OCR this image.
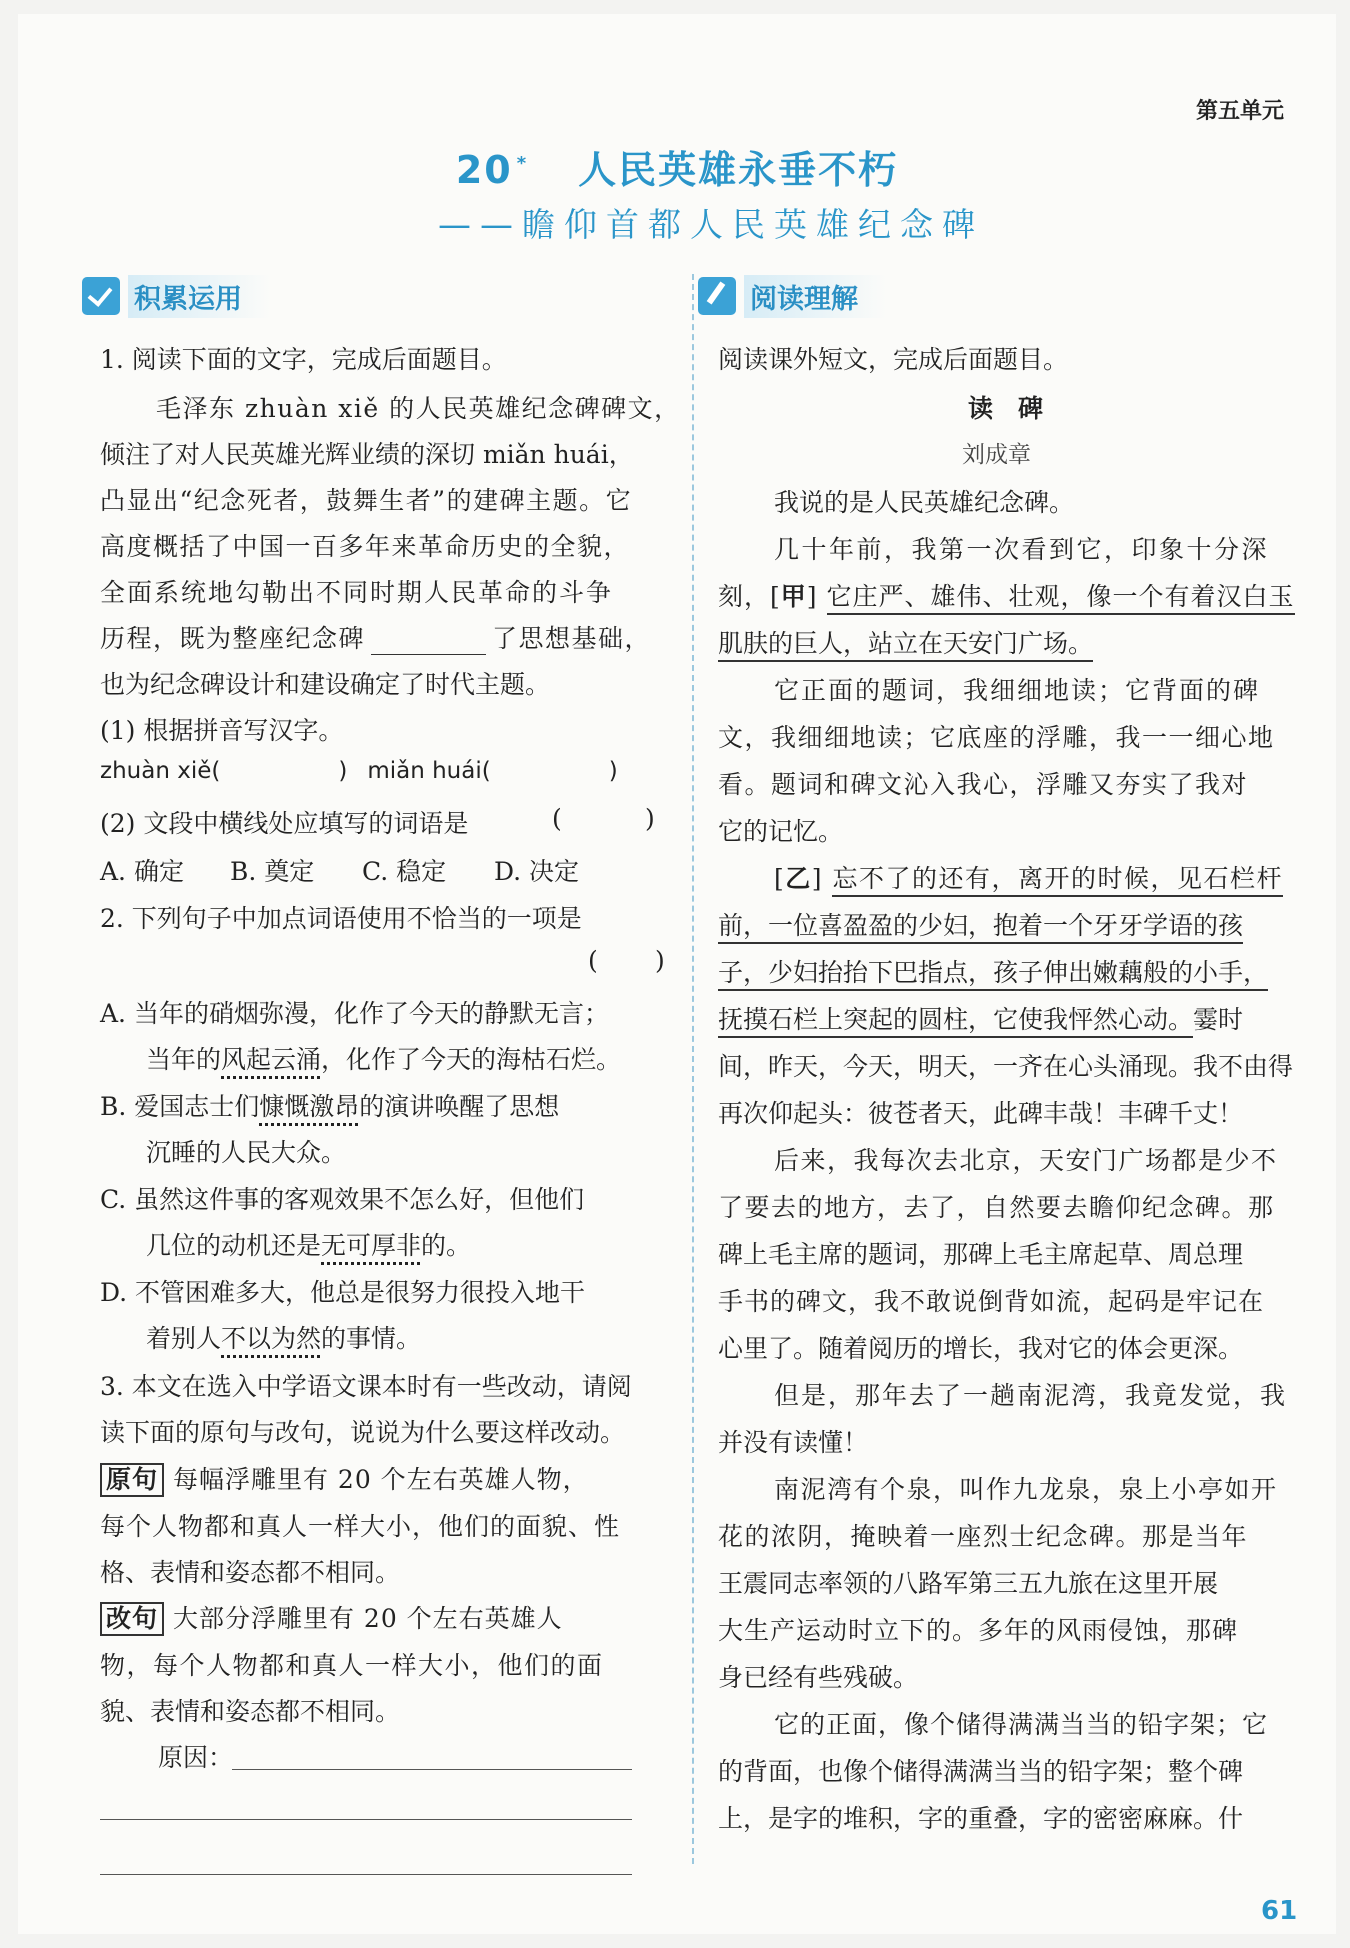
第五单元
20 * 人民英雄永垂不朽
——瞻仰首都人民英雄纪念碑
积累运用	阅读理解
1. 阅读下面的文字，完成后面题目。
毛泽东 zhuàn xiě 的人民英雄纪念碑碑文，
倾注了对人民英雄光辉业绩的深切 miǎn huái，
凸显出“纪念死者，鼓舞生者”的建碑主题。它
高度概括了中国一百多年来革命历史的全貌，
全面系统地勾勒出不同时期人民革命的斗争
历程，既为整座纪念碑	了思想基础，
也为纪念碑设计和建设确定了时代主题。
(1) 根据拼音写汉字。
zhuàn xiě(	) miǎn huái(	)
(2) 文段中横线处应填写的词语是	(	)
A. 确定 B. 奠定 C. 稳定 D. 决定
2. 下列句子中加点词语使用不恰当的一项是
( )
A. 当年的硝烟弥漫，化作了今天的静默无言；
当年的风起云涌，化作了今天的海枯石烂。
B. 爱国志士们慷慨激昂的演讲唤醒了思想
沉睡的人民大众。
C. 虽然这件事的客观效果不怎么好，但他们
几位的动机还是无可厚非的。
D. 不管困难多大，他总是很努力很投入地干
着别人不以为然的事情。
3. 本文在选入中学语文课本时有一些改动，请阅
读下面的原句与改句，说说为什么要这样改动。
原句 每幅浮雕里有 20 个左右英雄人物，
每个人物都和真人一样大小，他们的面貌、性
格、表情和姿态都不相同。
改句 大部分浮雕里有 20 个左右英雄人
物，每个人物都和真人一样大小，他们的面
貌、表情和姿态都不相同。
原因：
阅读课外短文，完成后面题目。
读　碑
刘成章
我说的是人民英雄纪念碑。
几十年前，我第一次看到它，印象十分深
刻，[甲] 它庄严、雄伟、壮观，像一个有着汉白玉
肌肤的巨人，站立在天安门广场。
它正面的题词，我细细地读；它背面的碑
文，我细细地读；它底座的浮雕，我一一细心地
看。题词和碑文沁入我心，浮雕又夯实了我对
它的记忆。
[乙] 忘不了的还有，离开的时候，见石栏杆
前，一位喜盈盈的少妇，抱着一个牙牙学语的孩
子，少妇抬抬下巴指点，孩子伸出嫩藕般的小手，
抚摸石栏上突起的圆柱，它使我怦然心动。霎时
间，昨天，今天，明天，一齐在心头涌现。我不由得
再次仰起头：彼苍者天，此碑丰哉！丰碑千丈！
后来，我每次去北京，天安门广场都是少不
了要去的地方，去了，自然要去瞻仰纪念碑。那
碑上毛主席的题词，那碑上毛主席起草、周总理
手书的碑文，我不敢说倒背如流，起码是牢记在
心里了。随着阅历的增长，我对它的体会更深。
但是，那年去了一趟南泥湾，我竟发觉，我
并没有读懂！
南泥湾有个泉，叫作九龙泉，泉上小亭如开
花的浓阴，掩映着一座烈士纪念碑。那是当年
王震同志率领的八路军第三五九旅在这里开展
大生产运动时立下的。多年的风雨侵蚀，那碑
身已经有些残破。
它的正面，像个储得满满当当的铅字架；它
的背面，也像个储得满满当当的铅字架；整个碑
上，是字的堆积，字的重叠，字的密密麻麻。什
61
